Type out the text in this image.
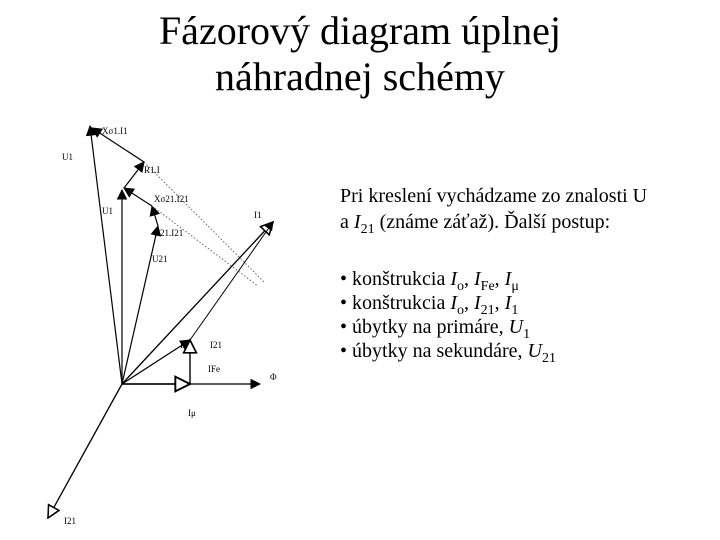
Fázorový diagram úplnej
náhradnej schémy
Xσ1.I1
U1
R1.I
Xσ21.I21
U1
R21.I21
I1
U21
Io	I21
IFe
Φ
Iμ
I21

Pri kreslení vychádzame zo znalosti U

a $I_{21}$ (známe záťaž). Ďalší postup:

• konštrukcia $I_o$, $I_{Fe}$, $I_\mu$
• konštrukcia $I_o$, $I_{21}$, $I_1$
• úbytky na primáre, $U_1$
• úbytky na sekundáre, $U_{21}$
